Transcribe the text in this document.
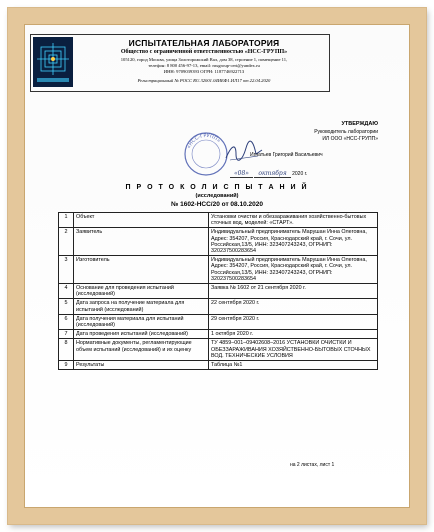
ИСПЫТАТЕЛЬНАЯ ЛАБОРАТОРИЯ
Общество с ограниченной ответственностью «НСС-ГРУПП»
105120, город Москва, улица Золоторожский Вал, дом 38, строение 1, помещение 11,
телефон: 8 800 456-97-13, email: nssgroup-cert@yandex.ru
ИНН: 9709039393 ОГРН: 1187746922713
Регистрационный № РОСС RU.32001.04ИБФ1.ИЛ17 от 22.04.2020
УТВЕРЖДАЮ
Руководитель лаборатории
ИЛ ООО «НСС-ГРУПП»
«НСС-ГРУПП»
Игнатьев Григорий Васильевич
«08» октября 2020 г.
П Р О Т О К О Л И С П Ы Т А Н И Й
(исследований)
№ 1602-НСС/20 от 08.10.2020
1	Объект	Установки очистки и обеззараживания хозяйственно-бытовых сточных вод, моделей: «СТАРТ».
2	Заявитель	Индивидуальный предприниматель Марушан Инна Олеговна, Адрес: 354207, Россия, Краснодарский край, г. Сочи, ул. Российская,13/5, ИНН: 323407243243, ОГРНИП: 320237500283654
3	Изготовитель	Индивидуальный предприниматель Марушан Инна Олеговна, Адрес: 354207, Россия, Краснодарский край, г. Сочи, ул. Российская,13/5, ИНН: 323407243243, ОГРНИП: 320237500283654
4	Основание для проведения испытаний (исследований)	Заявка № 1602 от 21 сентября 2020 г.
5	Дата запроса на получение материала для испытаний (исследований)	22 сентября 2020 г.
6	Дата получения материала для испытаний (исследований)	29 сентября 2020 г.
7	Дата проведения испытаний (исследований)	1 октября 2020 г.
8	Нормативные документы, регламентирующие объем испытаний (исследований) и их оценку	ТУ 4859–001–09402608–2016 УСТАНОВКИ ОЧИСТКИ И ОБЕЗЗАРАЖИВАНИЯ ХОЗЯЙСТВЕННО-БЫТОВЫХ СТОЧНЫХ ВОД. ТЕХНИЧЕСКИЕ УСЛОВИЯ
9	Результаты	Таблица №1
на 2 листах, лист 1
